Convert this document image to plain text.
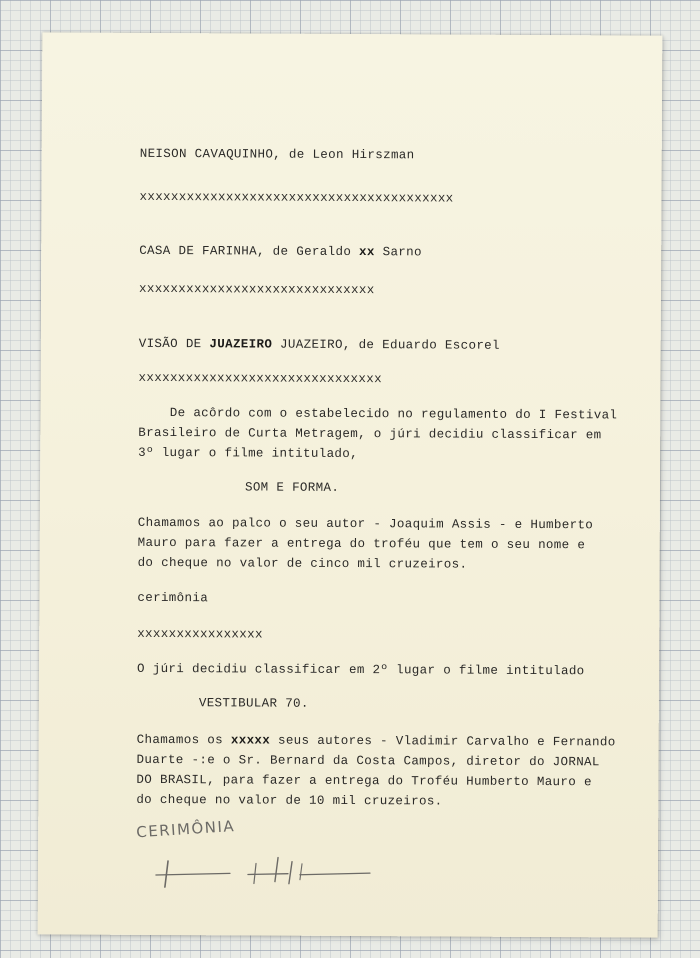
NEISON CAVAQUINHO, de Leon Hirszman
xxxxxxxxxxxxxxxxxxxxxxxxxxxxxxxxxxxxxxxx
CASA DE FARINHA, de Geraldo xx Sarno
xxxxxxxxxxxxxxxxxxxxxxxxxxxxxx
VISÃO DE JUAZEIRO JUAZEIRO, de Eduardo Escorel
xxxxxxxxxxxxxxxxxxxxxxxxxxxxxxx
De acôrdo com o estabelecido no regulamento do I Festival
Brasileiro de Curta Metragem, o júri decidiu classificar em
3º lugar o filme intitulado,
SOM E FORMA.
Chamamos ao palco o seu autor - Joaquim Assis - e Humberto
Mauro para fazer a entrega do troféu que tem o seu nome e
do cheque no valor de cinco mil cruzeiros.
cerimônia
xxxxxxxxxxxxxxxx
O júri decidiu classificar em 2º lugar o filme intitulado
VESTIBULAR 70.
Chamamos os xxxxx seus autores - Vladimir Carvalho e Fernando
Duarte -:e o Sr. Bernard da Costa Campos, diretor do JORNAL
DO BRASIL, para fazer a entrega do Troféu Humberto Mauro e
do cheque no valor de 10 mil cruzeiros.
CERIMÔNIA
